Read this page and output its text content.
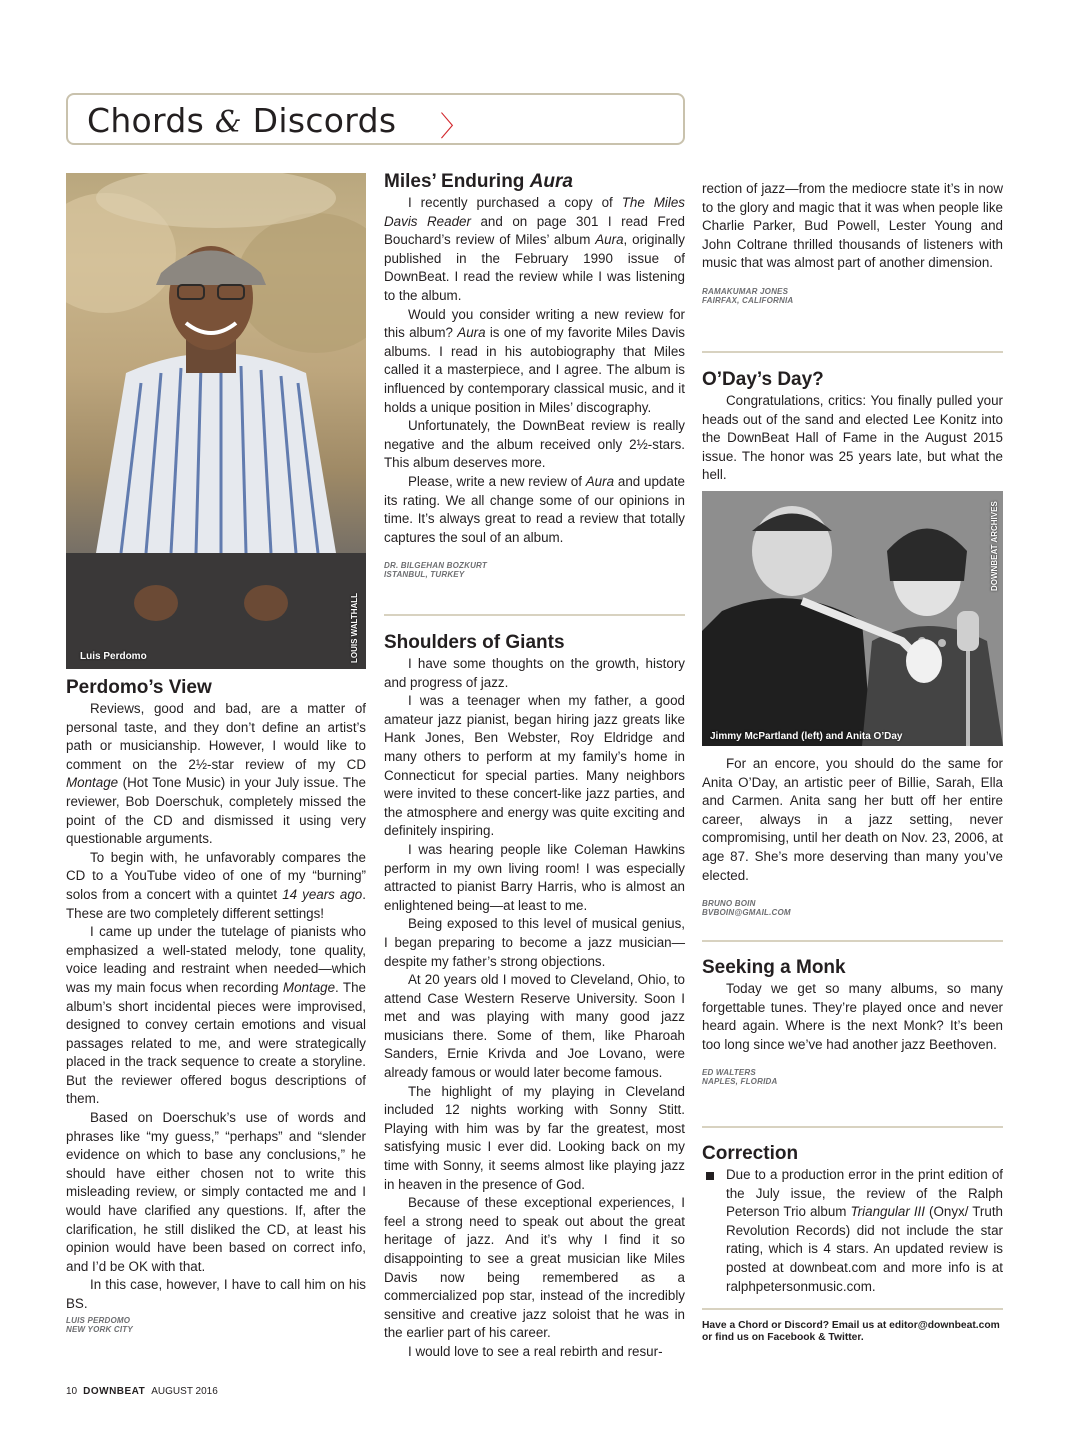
Chords & Discords 〉
Luis Perdomo	LOUIS WALTHALL
Perdomo’s View

Reviews, good and bad, are a matter of personal taste, and they don’t define an artist’s path or musicianship. However, I would like to comment on the 2½-star review of my CD Montage (Hot Tone Music) in your July issue. The reviewer, Bob Doerschuk, completely missed the point of the CD and dismissed it using very questionable arguments.

To begin with, he unfavorably compares the CD to a YouTube video of one of my “burning” solos from a concert with a quintet 14 years ago. These are two completely different settings!

I came up under the tutelage of pianists who emphasized a well-stated melody, tone quality, voice leading and restraint when needed—which was my main focus when recording Montage. The album’s short incidental pieces were improvised, designed to convey certain emotions and visual passages related to me, and were strategically placed in the track sequence to create a storyline. But the reviewer offered bogus descriptions of them.

Based on Doerschuk’s use of words and phrases like “my guess,” “perhaps” and “slender evidence on which to base any conclusions,” he should have either chosen not to write this misleading review, or simply contacted me and I would have clarified any questions. If, after the clarification, he still disliked the CD, at least his opinion would have been based on correct info, and I’d be OK with that.

In this case, however, I have to call him on his BS.

LUIS PERDOMO
NEW YORK CITY
Miles’ Enduring Aura

I recently purchased a copy of The Miles Davis Reader and on page 301 I read Fred Bouchard’s review of Miles’ album Aura, originally published in the February 1990 issue of DownBeat. I read the review while I was listening to the album.

Would you consider writing a new review for this album? Aura is one of my favorite Miles Davis albums. I read in his autobiography that Miles called it a masterpiece, and I agree. The album is influenced by contemporary classical music, and it holds a unique position in Miles’ discography.

Unfortunately, the DownBeat review is really negative and the album received only 2½-stars. This album deserves more.

Please, write a new review of Aura and update its rating. We all change some of our opinions in time. It’s always great to read a review that totally captures the soul of an album.

DR. BILGEHAN BOZKURT
ISTANBUL, TURKEY
Shoulders of Giants

I have some thoughts on the growth, history and progress of jazz.

I was a teenager when my father, a good amateur jazz pianist, began hiring jazz greats like Hank Jones, Ben Webster, Roy Eldridge and many others to perform at my family’s home in Connecticut for special parties. Many neighbors were invited to these concert-like jazz parties, and the atmosphere and energy was quite exciting and definitely inspiring.

I was hearing people like Coleman Hawkins perform in my own living room! I was especially attracted to pianist Barry Harris, who is almost an enlightened being—at least to me.

Being exposed to this level of musical genius, I began preparing to become a jazz musician—despite my father’s strong objections.

At 20 years old I moved to Cleveland, Ohio, to attend Case Western Reserve University. Soon I met and was playing with many good jazz musicians there. Some of them, like Pharoah Sanders, Ernie Krivda and Joe Lovano, were already famous or would later become famous.

The highlight of my playing in Cleveland included 12 nights working with Sonny Stitt. Playing with him was by far the greatest, most satisfying music I ever did. Looking back on my time with Sonny, it seems almost like playing jazz in heaven in the presence of God.

Because of these exceptional experiences, I feel a strong need to speak out about the great heritage of jazz. And it’s why I find it so disappointing to see a great musician like Miles Davis now being remembered as a commercialized pop star, instead of the incredibly sensitive and creative jazz soloist that he was in the earlier part of his career.

I would love to see a real rebirth and resur-

rection of jazz—from the mediocre state it’s in now to the glory and magic that it was when people like Charlie Parker, Bud Powell, Lester Young and John Coltrane thrilled thousands of listeners with music that was almost part of another dimension.

RAMAKUMAR JONES
FAIRFAX, CALIFORNIA
O’Day’s Day?

Congratulations, critics: You finally pulled your heads out of the sand and elected Lee Konitz into the DownBeat Hall of Fame in the August 2015 issue. The honor was 25 years late, but what the hell.

Jimmy McPartland (left) and Anita O’Day
DOWNBEAT ARCHIVES

For an encore, you should do the same for Anita O’Day, an artistic peer of Billie, Sarah, Ella and Carmen. Anita sang her butt off her entire career, always in a jazz setting, never compromising, until her death on Nov. 23, 2006, at age 87. She’s more deserving than many you’ve elected.

BRUNO BOIN
BVBOIN@GMAIL.COM
Seeking a Monk

Today we get so many albums, so many forgettable tunes. They’re played once and never heard again. Where is the next Monk? It’s been too long since we’ve had another jazz Beethoven.

ED WALTERS
NAPLES, FLORIDA
Correction

Due to a production error in the print edition of the July issue, the review of the Ralph Peterson Trio album Triangular III (Onyx/ Truth Revolution Records) did not include the star rating, which is 4 stars. An updated review is posted at downbeat.com and more info is at ralphpetersonmusic.com.

Have a Chord or Discord? Email us at editor@downbeat.com or find us on Facebook & Twitter.
10 DOWNBEAT AUGUST 2016
